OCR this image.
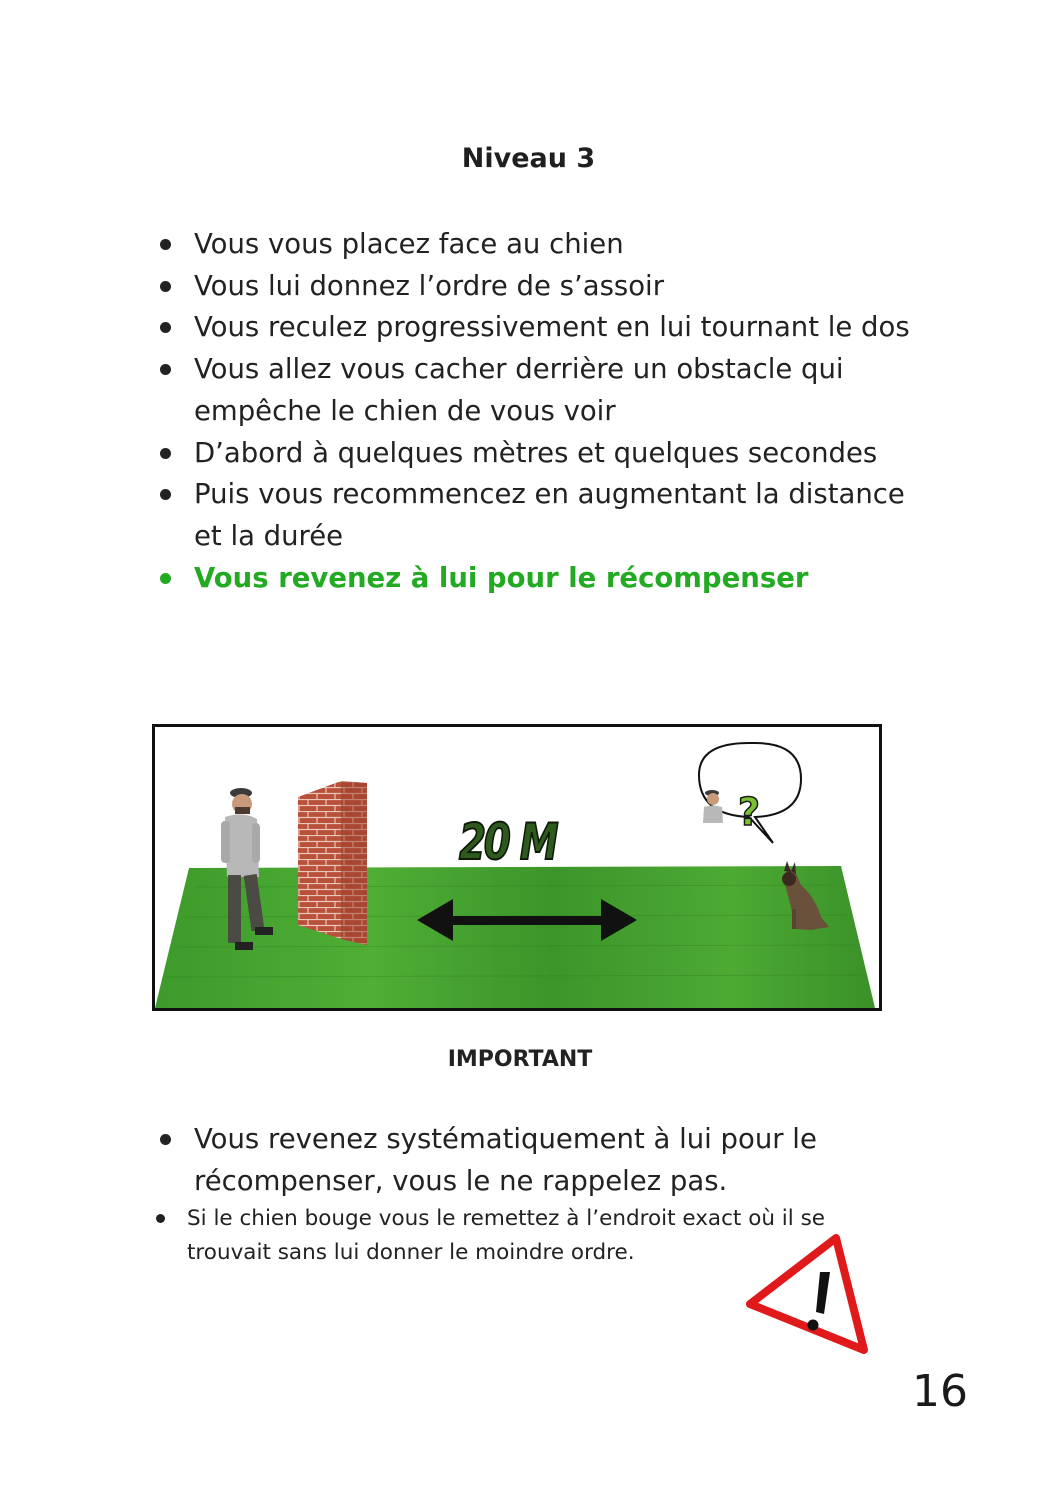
Niveau 3
Vous vous placez face au chien
Vous lui donnez l’ordre de s’assoir
Vous reculez progressivement en lui tournant le dos
Vous allez vous cacher derrière un obstacle qui empêche le chien de vous voir
D’abord à quelques mètres et quelques secondes
Puis vous recommencez en augmentant la distance et la durée
Vous revenez à lui pour le récompenser
?
20 M
IMPORTANT
Vous revenez systématiquement à lui pour le récompenser, vous le ne rappelez pas.
Si le chien bouge vous le remettez à l’endroit exact où il se trouvait sans lui donner le moindre ordre.
16
